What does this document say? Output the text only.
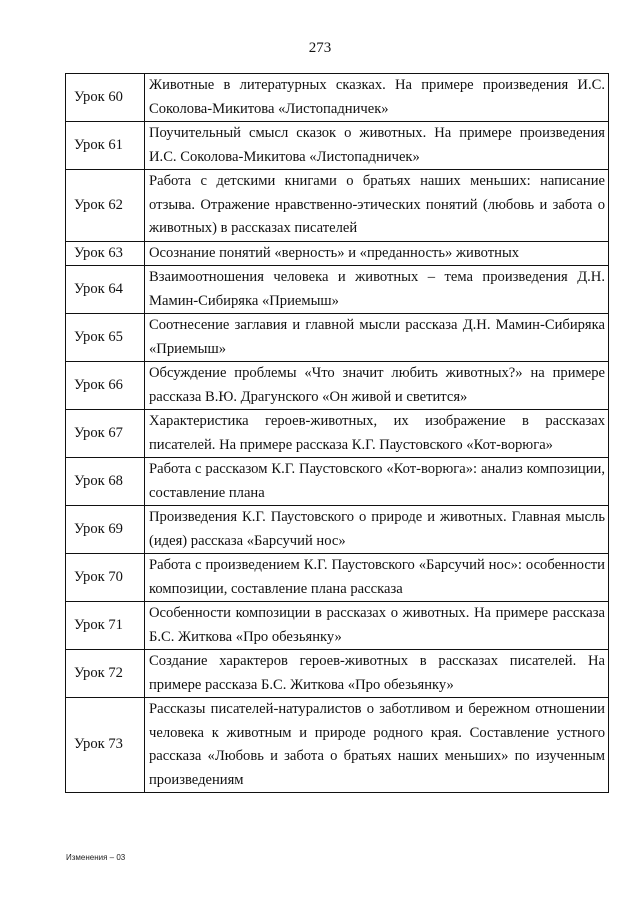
273
Урок 60	Животные в литературных сказках. На примере произведения И.С. Соколова-Микитова «Листопадничек»
Урок 61	Поучительный смысл сказок о животных. На примере произведения И.С. Соколова-Микитова «Листопадничек»
Урок 62	Работа с детскими книгами о братьях наших меньших: написание отзыва. Отражение нравственно-этических понятий (любовь и забота о животных) в рассказах писателей
Урок 63	Осознание понятий «верность» и «преданность» животных
Урок 64	Взаимоотношения человека и животных – тема произведения Д.Н. Мамин-Сибиряка «Приемыш»
Урок 65	Соотнесение заглавия и главной мысли рассказа Д.Н. Мамин-Сибиряка «Приемыш»
Урок 66	Обсуждение проблемы «Что значит любить животных?» на примере рассказа В.Ю. Драгунского «Он живой и светится»
Урок 67	Характеристика героев-животных, их изображение в рассказах писателей. На примере рассказа К.Г. Паустовского «Кот-ворюга»
Урок 68	Работа с рассказом К.Г. Паустовского «Кот-ворюга»: анализ композиции, составление плана
Урок 69	Произведения К.Г. Паустовского о природе и животных. Главная мысль (идея) рассказа «Барсучий нос»
Урок 70	Работа с произведением К.Г. Паустовского «Барсучий нос»: особенности композиции, составление плана рассказа
Урок 71	Особенности композиции в рассказах о животных. На примере рассказа Б.С. Житкова «Про обезьянку»
Урок 72	Создание характеров героев-животных в рассказах писателей. На примере рассказа Б.С. Житкова «Про обезьянку»
Урок 73	Рассказы писателей-натуралистов о заботливом и бережном отношении человека к животным и природе родного края. Составление устного рассказа «Любовь и забота о братьях наших меньших» по изученным произведениям
Изменения – 03
